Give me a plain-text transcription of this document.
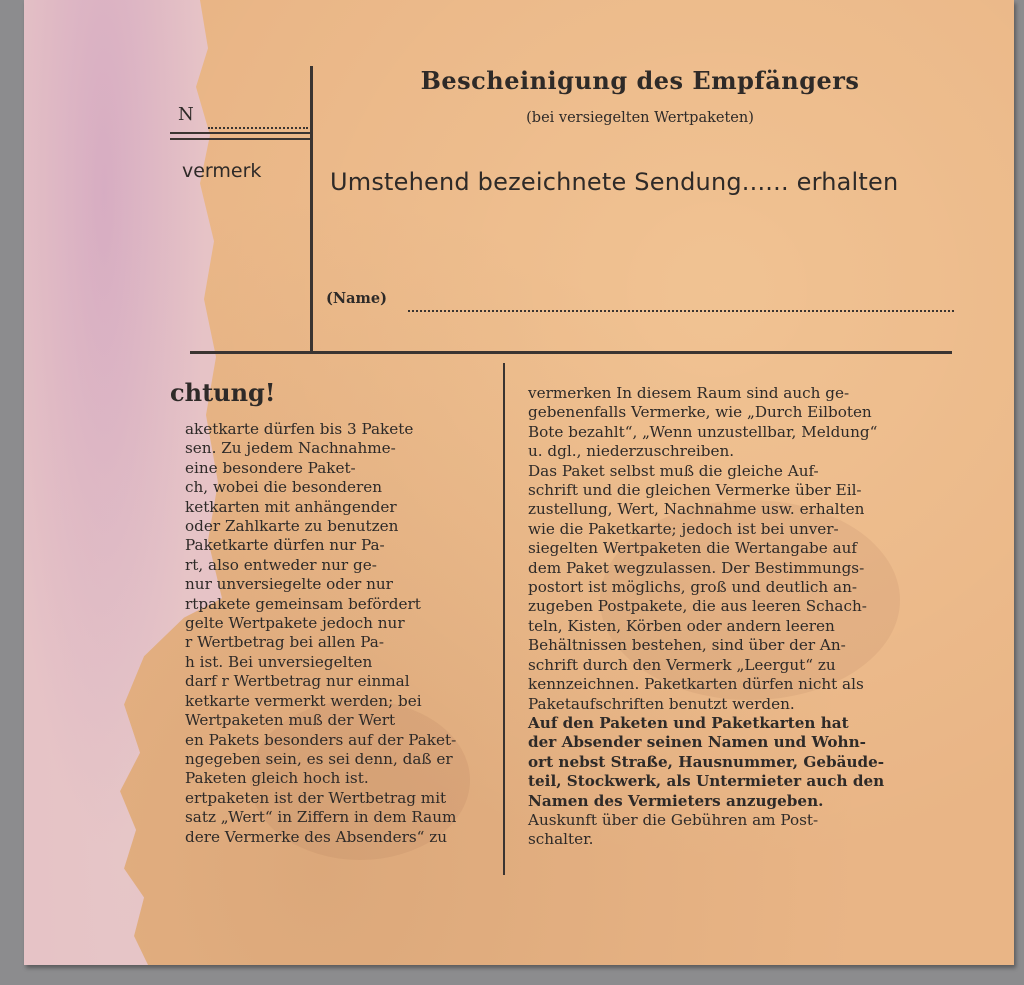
N
vermerk
Bescheinigung des Empfängers
(bei versiegelten Wertpaketen)
Umstehend bezeichnete Sendung...... erhalten
(Name)
chtung!
aketkarte dürfen bis 3 Pakete
sen. Zu jedem Nachnahme-
eine besondere Paket-
ch, wobei die besonderen
ketkarten mit anhängender
oder Zahlkarte zu benutzen
Paketkarte dürfen nur Pa-
rt, also entweder nur ge-
nur unversiegelte oder nur
rtpakete gemeinsam befördert
gelte Wertpakete jedoch nur
r Wertbetrag bei allen Pa-
h ist. Bei unversiegelten
darf r Wertbetrag nur einmal
ketkarte vermerkt werden; bei
Wertpaketen muß der Wert
en Pakets besonders auf der Paket-
ngegeben sein, es sei denn, daß er
Paketen gleich hoch ist.
ertpaketen ist der Wertbetrag mit
satz „Wert“ in Ziffern in dem Raum
dere Vermerke des Absenders“ zu
vermerken In diesem Raum sind auch ge-
gebenenfalls Vermerke, wie „Durch Eilboten
Bote bezahlt“, „Wenn unzustellbar, Meldung“
u. dgl., niederzuschreiben.
Das Paket selbst muß die gleiche Auf-
schrift und die gleichen Vermerke über Eil-
zustellung, Wert, Nachnahme usw. erhalten
wie die Paketkarte; jedoch ist bei unver-
siegelten Wertpaketen die Wertangabe auf
dem Paket wegzulassen. Der Bestimmungs-
postort ist möglichs, groß und deutlich an-
zugeben Postpakete, die aus leeren Schach-
teln, Kisten, Körben oder andern leeren
Behältnissen bestehen, sind über der An-
schrift durch den Vermerk „Leergut“ zu
kennzeichnen. Paketkarten dürfen nicht als
Paketaufschriften benutzt werden.
Auf den Paketen und Paketkarten hat
der Absender seinen Namen und Wohn-
ort nebst Straße, Hausnummer, Gebäude-
teil, Stockwerk, als Untermieter auch den
Namen des Vermieters anzugeben.
Auskunft über die Gebühren am Post-
schalter.
